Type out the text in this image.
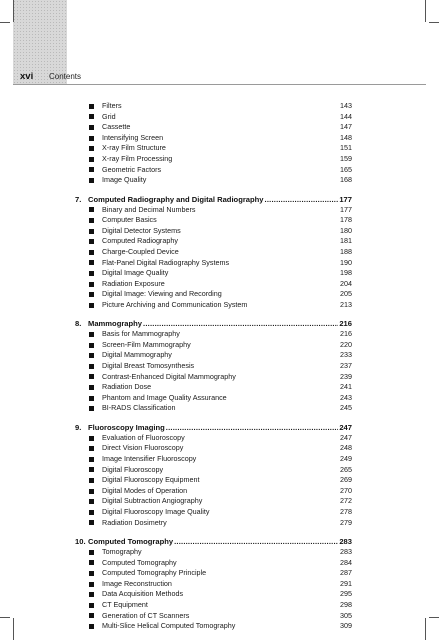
xvi Contents
Filters	143
Grid	144
Cassette	147
Intensifying Screen	148
X-ray Film Structure	151
X-ray Film Processing	159
Geometric Factors	165
Image Quality	168
7. Computed Radiography and Digital Radiography .....	177
Binary and Decimal Numbers	177
Computer Basics	178
Digital Detector Systems	180
Computed Radiography	181
Charge-Coupled Device	188
Flat-Panel Digital Radiography Systems	190
Digital Image Quality	198
Radiation Exposure	204
Digital Image: Viewing and Recording	205
Picture Archiving and Communication System	213
8. Mammography .....	216
Basis for Mammography	216
Screen-Film Mammography	220
Digital Mammography	233
Digital Breast Tomosynthesis	237
Contrast-Enhanced Digital Mammography	239
Radiation Dose	241
Phantom and Image Quality Assurance	243
BI-RADS Classification	245
9. Fluoroscopy Imaging .....	247
Evaluation of Fluoroscopy	247
Direct Vision Fluoroscopy	248
Image Intensifier Fluoroscopy	249
Digital Fluoroscopy	265
Digital Fluoroscopy Equipment	269
Digital Modes of Operation	270
Digital Subtraction Angiography	272
Digital Fluoroscopy Image Quality	278
Radiation Dosimetry	279
10. Computed Tomography .....	283
Tomography	283
Computed Tomography	284
Computed Tomography Principle	287
Image Reconstruction	291
Data Acquisition Methods	295
CT Equipment	298
Generation of CT Scanners	305
Multi-Slice Helical Computed Tomography	309
